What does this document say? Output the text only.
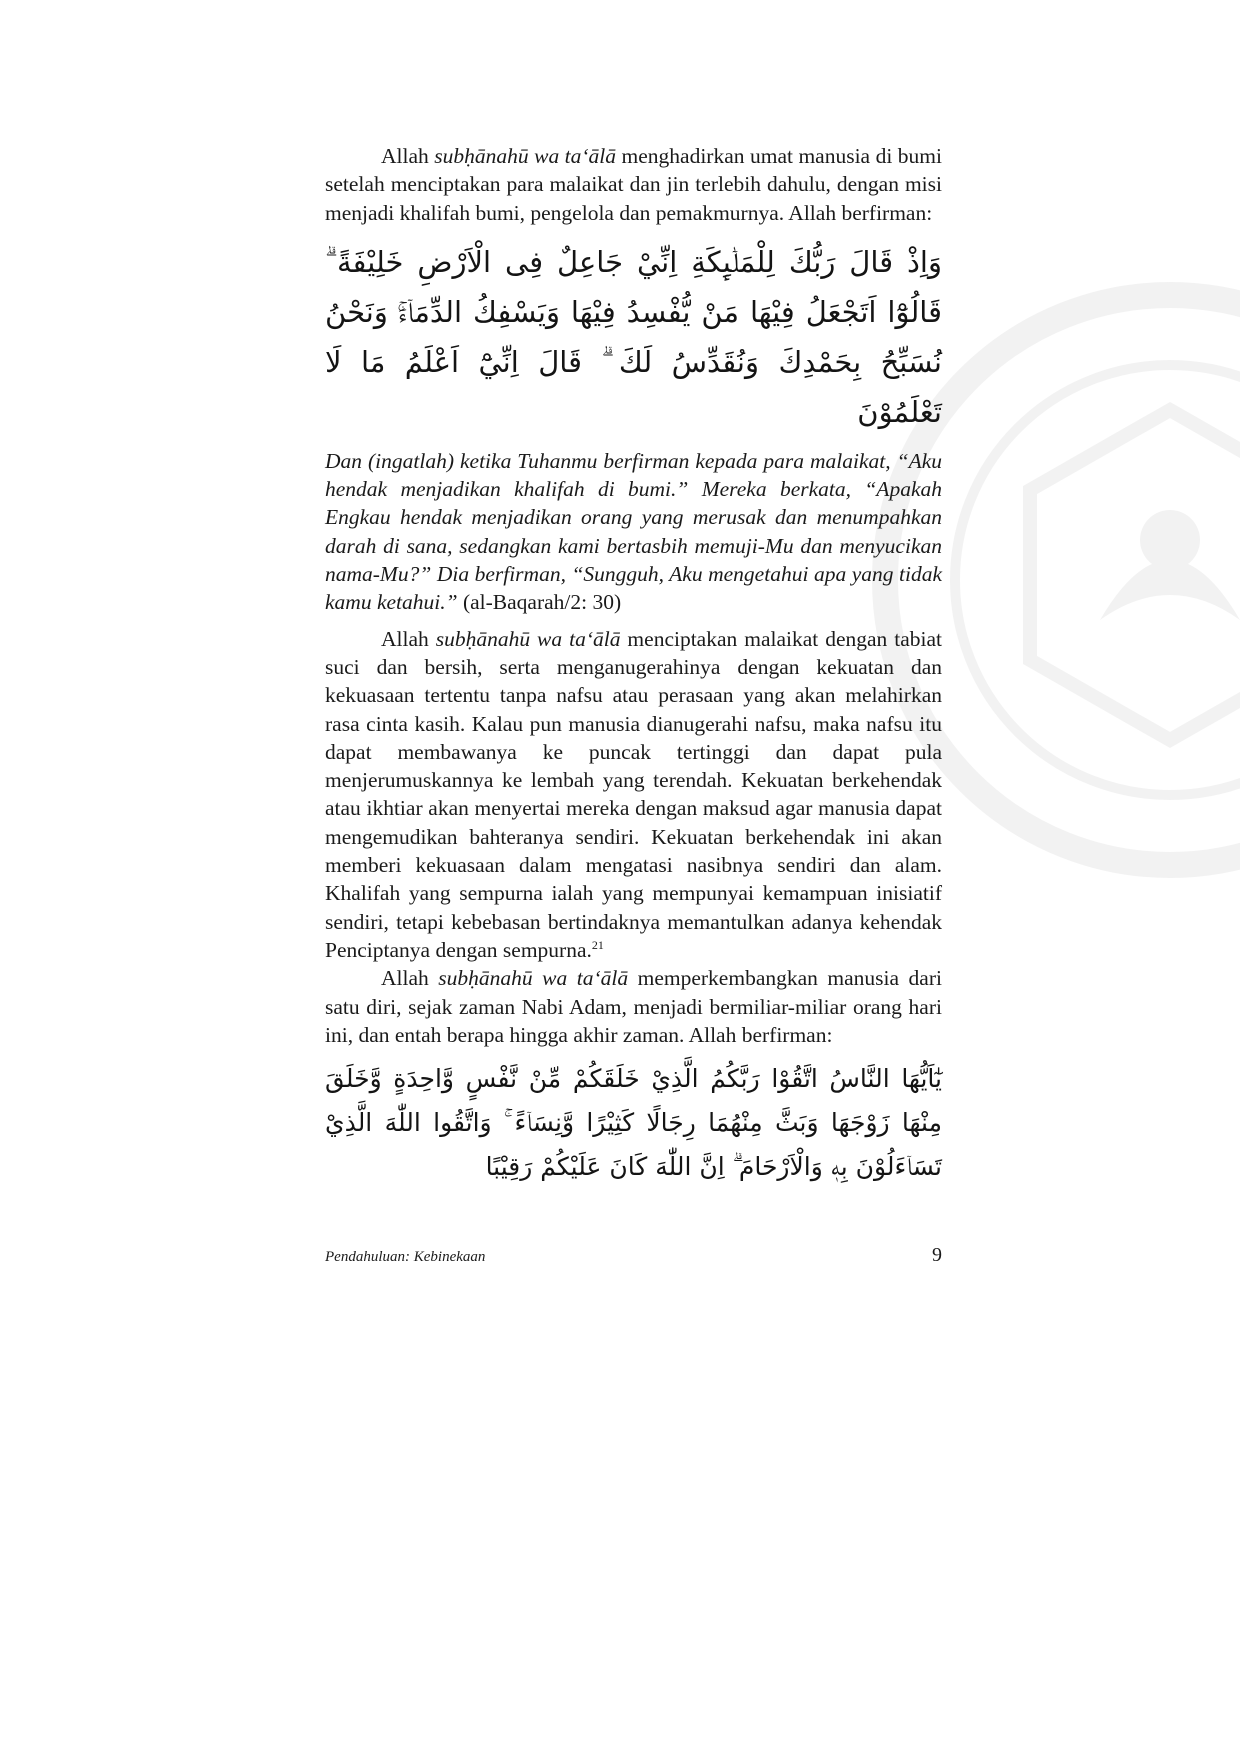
Allah subḥānahū wa ta‘ālā menghadirkan umat manusia di bumi setelah menciptakan para malaikat dan jin terlebih dahulu, dengan misi menjadi khalifah bumi, pengelola dan pemakmurnya. Allah berfirman:

وَاِذْ قَالَ رَبُّكَ لِلْمَلٰۤىِٕكَةِ اِنِّيْ جَاعِلٌ فِى الْاَرْضِ خَلِيْفَةً ۗ قَالُوْٓا اَتَجْعَلُ فِيْهَا مَنْ يُّفْسِدُ فِيْهَا وَيَسْفِكُ الدِّمَاۤءَۚ وَنَحْنُ نُسَبِّحُ بِحَمْدِكَ وَنُقَدِّسُ لَكَ ۗ قَالَ اِنِّيْٓ اَعْلَمُ مَا لَا تَعْلَمُوْنَ

Dan (ingatlah) ketika Tuhanmu berfirman kepada para malaikat, “Aku hendak menjadikan khalifah di bumi.” Mereka berkata, “Apakah Engkau hendak menjadikan orang yang merusak dan menumpahkan darah di sana, sedangkan kami bertasbih memuji-Mu dan menyucikan nama-Mu?” Dia berfirman, “Sungguh, Aku mengetahui apa yang tidak kamu ketahui.” (al-Baqarah/2: 30)

Allah subḥānahū wa ta‘ālā menciptakan malaikat dengan tabiat suci dan bersih, serta menganugerahinya dengan kekuatan dan kekuasaan tertentu tanpa nafsu atau perasaan yang akan melahirkan rasa cinta kasih. Kalau pun manusia dianugerahi nafsu, maka nafsu itu dapat membawanya ke puncak tertinggi dan dapat pula menjerumuskannya ke lembah yang terendah. Kekuatan berkehendak atau ikhtiar akan menyertai mereka dengan maksud agar manusia dapat mengemudikan bahteranya sendiri. Kekuatan berkehendak ini akan memberi kekuasaan dalam mengatasi nasibnya sendiri dan alam. Khalifah yang sempurna ialah yang mempunyai kemampuan inisiatif sendiri, tetapi kebebasan bertindaknya memantulkan adanya kehendak Penciptanya dengan sempurna.$^{21}$

Allah subḥānahū wa ta‘ālā memperkembangkan manusia dari satu diri, sejak zaman Nabi Adam, menjadi bermiliar-miliar orang hari ini, dan entah berapa hingga akhir zaman. Allah berfirman:

يٰٓاَيُّهَا النَّاسُ اتَّقُوْا رَبَّكُمُ الَّذِيْ خَلَقَكُمْ مِّنْ نَّفْسٍ وَّاحِدَةٍ وَّخَلَقَ مِنْهَا زَوْجَهَا وَبَثَّ مِنْهُمَا رِجَالًا كَثِيْرًا وَّنِسَاۤءً ۚ وَاتَّقُوا اللّٰهَ الَّذِيْ تَسَاۤءَلُوْنَ بِهٖ وَالْاَرْحَامَ ۗ اِنَّ اللّٰهَ كَانَ عَلَيْكُمْ رَقِيْبًا

Pendahuluan: Kebinekaan	9
